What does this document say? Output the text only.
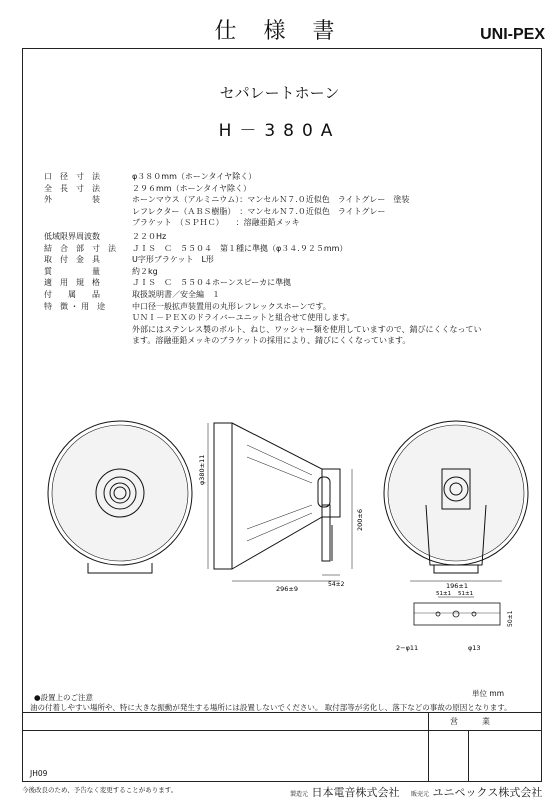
仕 様 書	UNI-PEX
セパレートホーン
H－380A
口　径　寸　法	φ３８０mm（ホーンタイヤ除く）
全　長　寸　法	２９６mm（ホーンタイヤ除く）
外　　　　　装	ホーンマウス（アルミニウム）：マンセルＮ７.０近似色　ライトグレー　塗装
レフレクター（ＡＢＳ樹脂）　：マンセルＮ７.０近似色　ライトグレー
ブラケット　（ＳＰＨＣ）　　：溶融亜鉛メッキ
低域限界周波数	２２０Hz
結　合　部　寸　法 ＪＩＳ　Ｃ　５５０４　第１種に準拠（φ３４.９２５mm）
取　付　金　具	U字形ブラケット　L形
質　　　　　量	約２kg
適　用　規　格	ＪＩＳ　Ｃ　５５０４ホーンスピーカに準拠
付　　属　　品	取扱説明書／安全編　１
特　徴 ・ 用　途	中口径一般拡声装置用の丸形レフレックスホーンです。
ＵＮＩ－ＰＥＸのドライバーユニットと組合せて使用します。
外部にはステンレス製のボルト、ねじ、ワッシャー類を使用していますので、錆びにくくなってい
ます。溶融亜鉛メッキのブラケットの採用により、錆びにくくなっています。
φ380±11
296±9
54±2
200±6
196±1
51±1 51±1
50±1
2−φ11	φ13
単位 mm
●設置上のご注意
油の付着しやすい場所や、特に大きな振動が発生する場所には設置しないでください。 取付部等が劣化し、落下などの事故の原因となります。
営　　　業
JH09
今後改良のため、予告なく変更することがあります。
製造元 日本電音株式会社 販売元 ユニペックス株式会社
